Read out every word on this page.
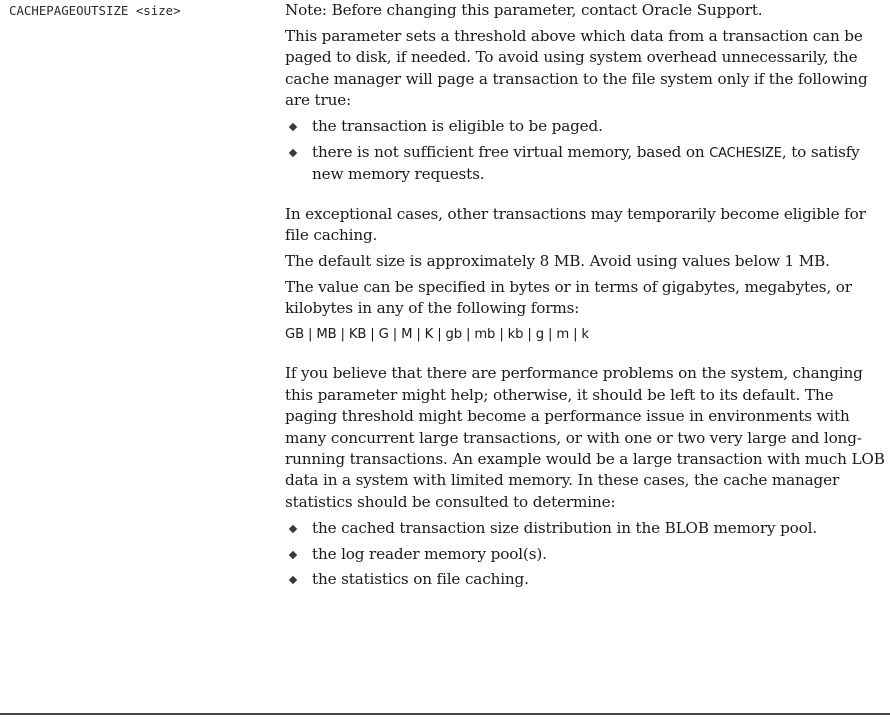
CACHEPAGEOUTSIZE <size>	Note: Before changing this parameter, contact Oracle Support.

This parameter sets a threshold above which data from a transaction can be paged to disk, if needed. To avoid using system overhead unnecessarily, the cache manager will page a transaction to the file system only if the following are true:

the transaction is eligible to be paged.
there is not sufficient free virtual memory, based on CACHESIZE, to satisfy new memory requests.

In exceptional cases, other transactions may temporarily become eligible for file caching.

The default size is approximately 8 MB. Avoid using values below 1 MB.

The value can be specified in bytes or in terms of gigabytes, megabytes, or kilobytes in any of the following forms:

GB | MB | KB | G | M | K | gb | mb | kb | g | m | k

If you believe that there are performance problems on the system, changing this parameter might help; otherwise, it should be left to its default. The paging threshold might become a performance issue in environments with many concurrent large transactions, or with one or two very large and long-running transactions. An example would be a large transaction with much LOB data in a system with limited memory. In these cases, the cache manager statistics should be consulted to determine:

the cached transaction size distribution in the BLOB memory pool.
the log reader memory pool(s).
the statistics on file caching.
